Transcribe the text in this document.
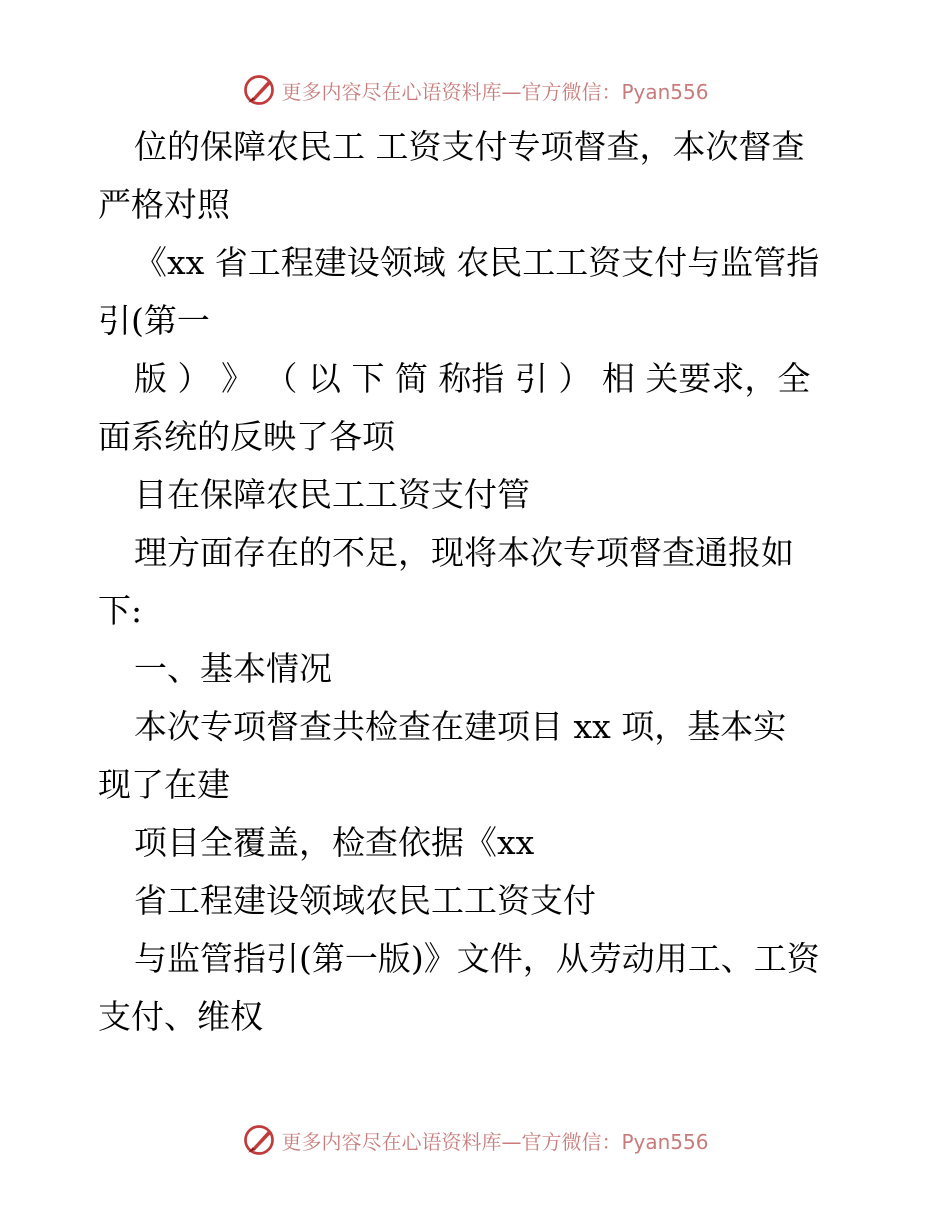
更多内容尽在心语资料库—官方微信：Pyan556
位的保障农民工 工资支付专项督查，本次督查
严格对照
《xx 省工程建设领域 农民工工资支付与监管指
引(第一
版 ） 》 （ 以 下 简 称指 引 ） 相 关要求，全
面系统的反映了各项
目在保障农民工工资支付管
理方面存在的不足，现将本次专项督查通报如
下:
一、基本情况
本次专项督查共检查在建项目 xx 项，基本实
现了在建
项目全覆盖，检查依据《xx
省工程建设领域农民工工资支付
与监管指引(第一版)》文件，从劳动用工、工资
支付、维权
更多内容尽在心语资料库—官方微信：Pyan556
